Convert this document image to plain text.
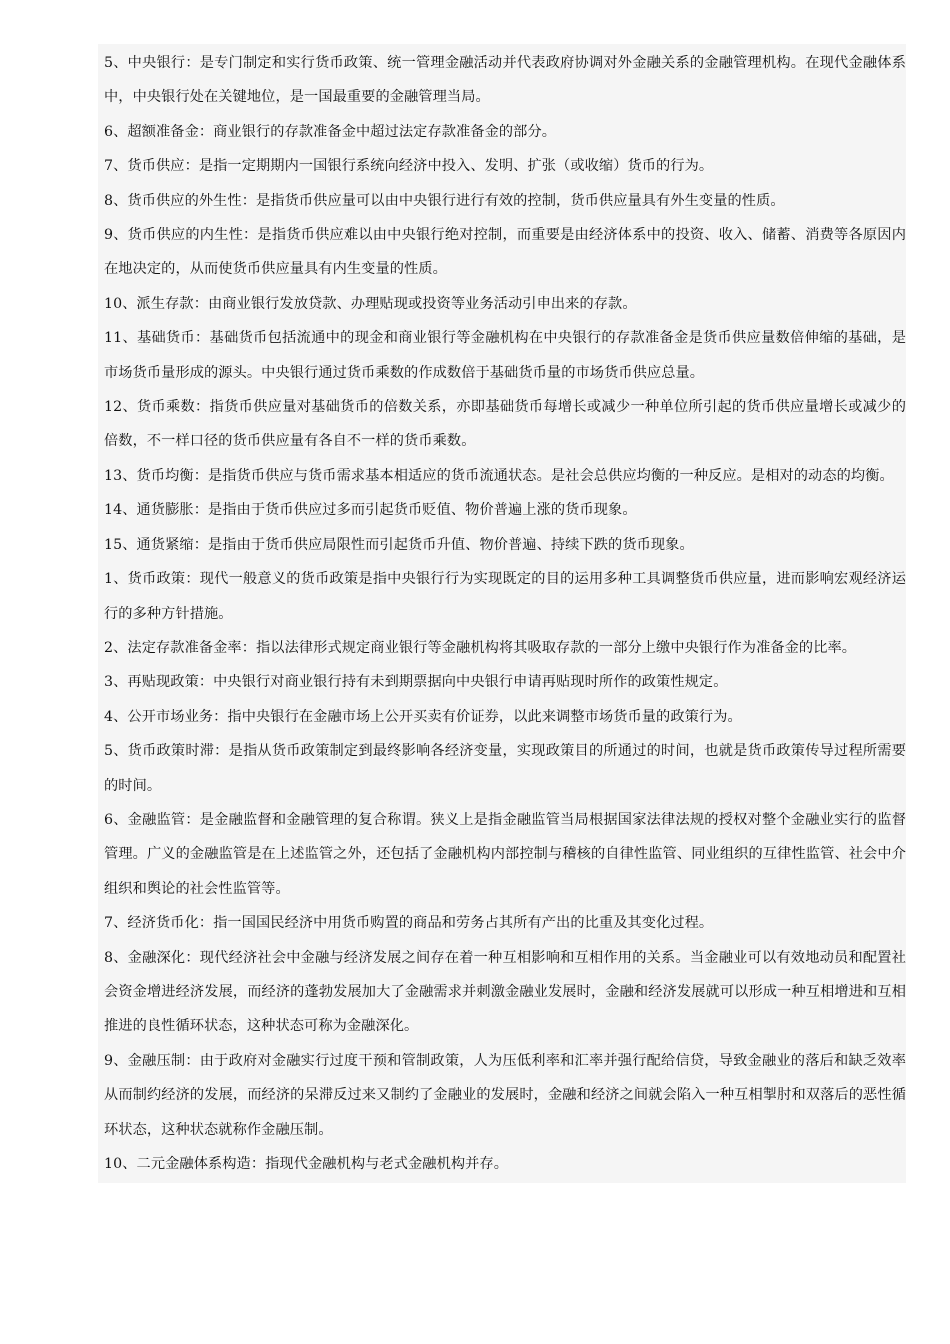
5、中央银行：是专门制定和实行货币政策、统一管理金融活动并代表政府协调对外金融关系的金融管理机构。在现代金融体系中，中央银行处在关键地位，是一国最重要的金融管理当局。

6、超额准备金：商业银行的存款准备金中超过法定存款准备金的部分。

7、货币供应：是指一定期期内一国银行系统向经济中投入、发明、扩张（或收缩）货币的行为。

8、货币供应的外生性：是指货币供应量可以由中央银行进行有效的控制，货币供应量具有外生变量的性质。

9、货币供应的内生性：是指货币供应难以由中央银行绝对控制，而重要是由经济体系中的投资、收入、储蓄、消费等各原因内在地决定的，从而使货币供应量具有内生变量的性质。

10、派生存款：由商业银行发放贷款、办理贴现或投资等业务活动引申出来的存款。

11、基础货币：基础货币包括流通中的现金和商业银行等金融机构在中央银行的存款准备金是货币供应量数倍伸缩的基础，是市场货币量形成的源头。中央银行通过货币乘数的作成数倍于基础货币量的市场货币供应总量。

12、货币乘数：指货币供应量对基础货币的倍数关系，亦即基础货币每增长或减少一种单位所引起的货币供应量增长或减少的倍数，不一样口径的货币供应量有各自不一样的货币乘数。

13、货币均衡：是指货币供应与货币需求基本相适应的货币流通状态。是社会总供应均衡的一种反应。是相对的动态的均衡。

14、通货膨胀：是指由于货币供应过多而引起货币贬值、物价普遍上涨的货币现象。

15、通货紧缩：是指由于货币供应局限性而引起货币升值、物价普遍、持续下跌的货币现象。

1、货币政策：现代一般意义的货币政策是指中央银行行为实现既定的目的运用多种工具调整货币供应量，进而影响宏观经济运行的多种方针措施。

2、法定存款准备金率：指以法律形式规定商业银行等金融机构将其吸取存款的一部分上缴中央银行作为准备金的比率。

3、再贴现政策：中央银行对商业银行持有未到期票据向中央银行申请再贴现时所作的政策性规定。

4、公开市场业务：指中央银行在金融市场上公开买卖有价证券，以此来调整市场货币量的政策行为。

5、货币政策时滞：是指从货币政策制定到最终影响各经济变量，实现政策目的所通过的时间，也就是货币政策传导过程所需要的时间。

6、金融监管：是金融监督和金融管理的复合称谓。狭义上是指金融监管当局根据国家法律法规的授权对整个金融业实行的监督管理。广义的金融监管是在上述监管之外，还包括了金融机构内部控制与稽核的自律性监管、同业组织的互律性监管、社会中介组织和舆论的社会性监管等。

7、经济货币化：指一国国民经济中用货币购置的商品和劳务占其所有产出的比重及其变化过程。

8、金融深化：现代经济社会中金融与经济发展之间存在着一种互相影响和互相作用的关系。当金融业可以有效地动员和配置社会资金增进经济发展，而经济的蓬勃发展加大了金融需求并刺激金融业发展时，金融和经济发展就可以形成一种互相增进和互相推进的良性循环状态，这种状态可称为金融深化。

9、金融压制：由于政府对金融实行过度干预和管制政策，人为压低利率和汇率并强行配给信贷，导致金融业的落后和缺乏效率从而制约经济的发展，而经济的呆滞反过来又制约了金融业的发展时，金融和经济之间就会陷入一种互相掣肘和双落后的恶性循环状态，这种状态就称作金融压制。

10、二元金融体系构造：指现代金融机构与老式金融机构并存。
